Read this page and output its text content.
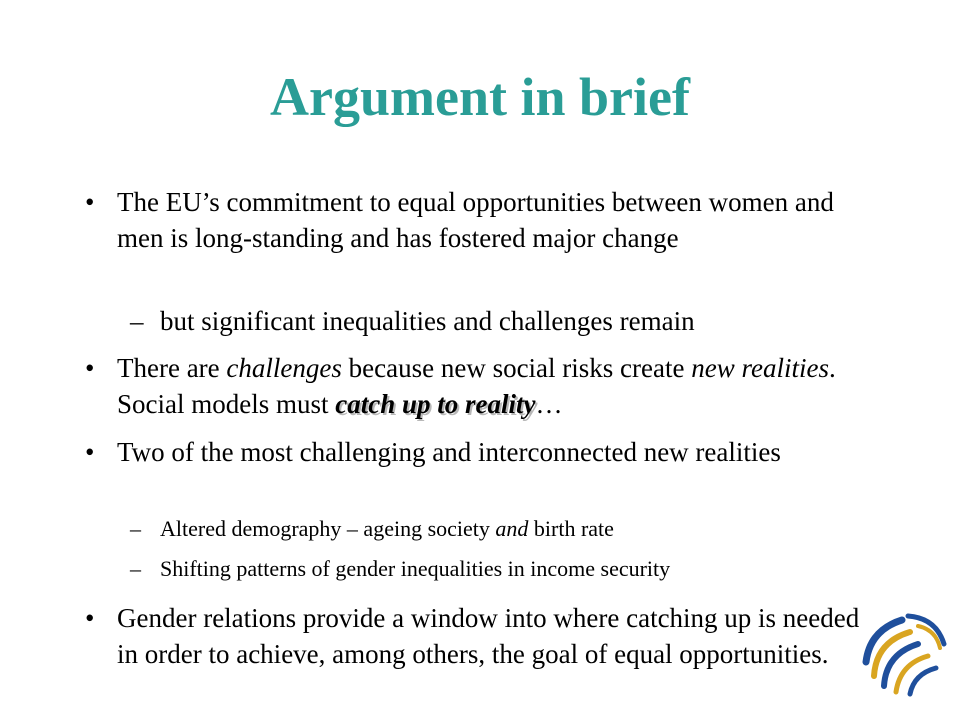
Argument in brief
• The EU’s commitment to equal opportunities between women and men is long-standing and has fostered major change
– but significant inequalities and challenges remain
• There are challenges because new social risks create new realities. Social models must catch up to reality…
• Two of the most challenging and interconnected new realities
– Altered demography – ageing society and birth rate
– Shifting patterns of gender inequalities in income security
• Gender relations provide a window into where catching up is needed in order to achieve, among others, the goal of equal opportunities.
